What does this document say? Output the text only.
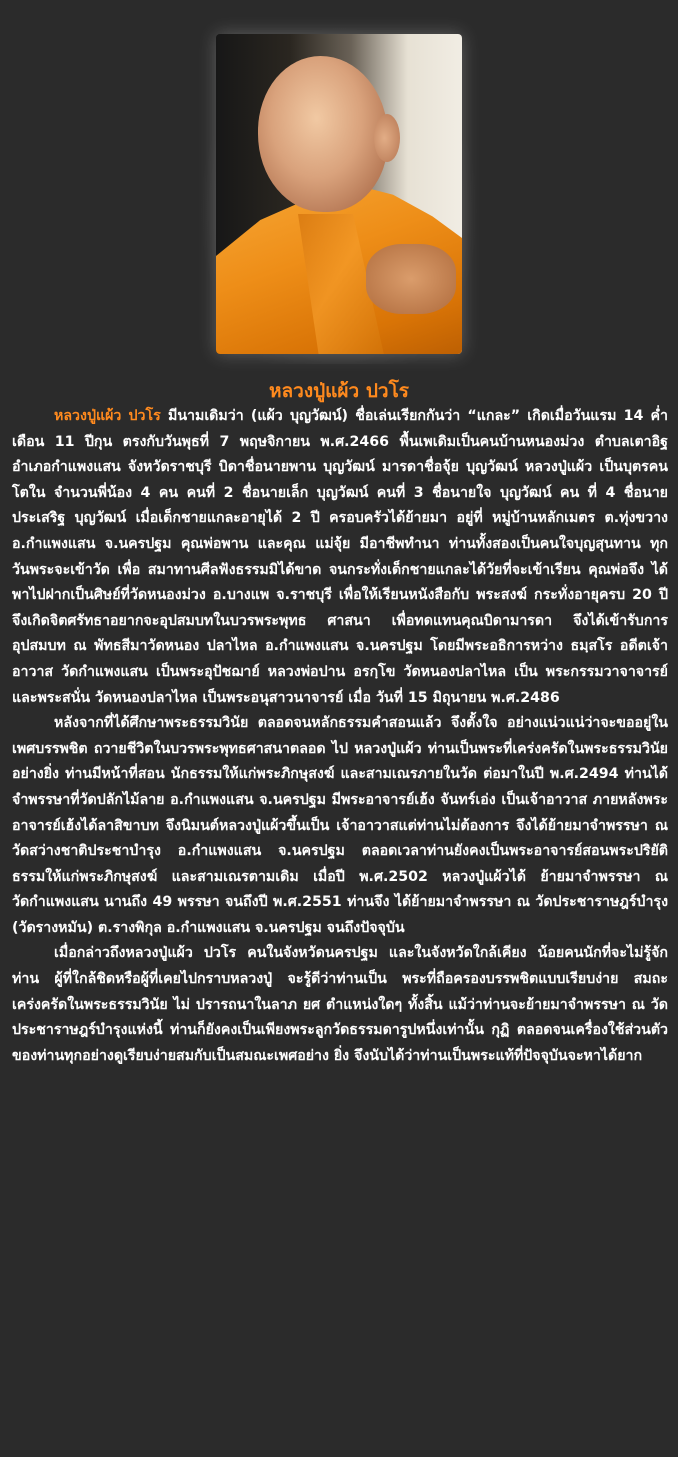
หลวงปู่แผ้ว ปวโร

หลวงปู่แผ้ว ปวโร มีนามเดิมว่า (แผ้ว บุญวัฒน์) ชื่อเล่นเรียกกันว่า “แกละ” เกิดเมื่อวันแรม 14 ค่ำ เดือน 11 ปีกุน ตรงกับวันพุธที่ 7 พฤษจิกายน พ.ศ.2466 พื้นเพเดิมเป็นคนบ้านหนองม่วง ตำบลเตาอิฐ อำเภอกำแพงแสน จังหวัดราชบุรี บิดาชื่อนายพาน บุญวัฒน์ มารดาชื่อจุ้ย บุญวัฒน์ หลวงปู่แผ้ว เป็นบุตรคนโตใน จำนวนพี่น้อง 4 คน คนที่ 2 ชื่อนายเล็ก บุญวัฒน์ คนที่ 3 ชื่อนายใจ บุญวัฒน์ คน ที่ 4 ชื่อนายประเสริฐ บุญวัฒน์ เมื่อเด็กชายแกละอายุได้ 2 ปี ครอบครัวได้ย้ายมา อยู่ที่ หมู่บ้านหลักเมตร ต.ทุ่งขวาง อ.กำแพงแสน จ.นครปฐม คุณพ่อพาน และคุณ แม่จุ้ย มีอาชีพทำนา ท่านทั้งสองเป็นคนใจบุญสุนทาน ทุกวันพระจะเข้าวัด เพื่อ สมาทานศีลฟังธรรมมิได้ขาด จนกระทั่งเด็กชายแกละได้วัยที่จะเข้าเรียน คุณพ่อจึง ได้พาไปฝากเป็นศิษย์ที่วัดหนองม่วง อ.บางแพ จ.ราชบุรี เพื่อให้เรียนหนังสือกับ พระสงฆ์ กระทั่งอายุครบ 20 ปี จึงเกิดจิตศรัทธาอยากจะอุปสมบทในบวรพระพุทธ ศาสนา เพื่อทดแทนคุณบิดามารดา จึงได้เข้ารับการอุปสมบท ณ พัทธสีมาวัดหนอง ปลาไหล อ.กำแพงแสน จ.นครปฐม โดยมีพระอธิการหว่าง ธมฺสโร อดีตเจ้าอาวาส วัดกำแพงแสน เป็นพระอุปัชฌาย์ หลวงพ่อปาน อรกฺโข วัดหนองปลาไหล เป็น พระกรรมวาจาจารย์ และพระสนั่น วัดหนองปลาไหล เป็นพระอนุสาวนาจารย์ เมื่อ วันที่ 15 มิถุนายน พ.ศ.2486

หลังจากที่ได้ศึกษาพระธรรมวินัย ตลอดจนหลักธรรมคำสอนแล้ว จึงตั้งใจ อย่างแน่วแน่ว่าจะขออยู่ในเพศบรรพชิต ถวายชีวิตในบวรพระพุทธศาสนาตลอด ไป หลวงปู่แผ้ว ท่านเป็นพระที่เคร่งครัดในพระธรรมวินัยอย่างยิ่ง ท่านมีหน้าที่สอน นักธรรมให้แก่พระภิกษุสงฆ์ และสามเณรภายในวัด ต่อมาในปี พ.ศ.2494 ท่านได้ จำพรรษาที่วัดปลักไม้ลาย อ.กำแพงแสน จ.นครปฐม มีพระอาจารย์เฮ้ง จันทร์เอ่ง เป็นเจ้าอาวาส ภายหลังพระอาจารย์เฮ้งได้ลาสิขาบท จึงนิมนต์หลวงปู่แผ้วขึ้นเป็น เจ้าอาวาสแต่ท่านไม่ต้องการ จึงได้ย้ายมาจำพรรษา ณ วัดสว่างชาติประชาบำรุง อ.กำแพงแสน จ.นครปฐม ตลอดเวลาท่านยังคงเป็นพระอาจารย์สอนพระปริยัติ ธรรมให้แก่พระภิกษุสงฆ์ และสามเณรตามเดิม เมื่อปี พ.ศ.2502 หลวงปู่แผ้วได้ ย้ายมาจำพรรษา ณ วัดกำแพงแสน นานถึง 49 พรรษา จนถึงปี พ.ศ.2551 ท่านจึง ได้ย้ายมาจำพรรษา ณ วัดประชาราษฎร์บำรุง (วัดรางหมัน) ต.รางพิกุล อ.กำแพงแสน จ.นครปฐม จนถึงปัจจุบัน

เมื่อกล่าวถึงหลวงปู่แผ้ว ปวโร คนในจังหวัดนครปฐม และในจังหวัดใกล้เคียง น้อยคนนักที่จะไม่รู้จักท่าน ผู้ที่ใกล้ชิดหรือผู้ที่เคยไปกราบหลวงปู่ จะรู้ดีว่าท่านเป็น พระที่ถือครองบรรพชิตแบบเรียบง่าย สมถะ เคร่งครัดในพระธรรมวินัย ไม่ ปรารถนาในลาภ ยศ ตำแหน่งใดๆ ทั้งสิ้น แม้ว่าท่านจะย้ายมาจำพรรษา ณ วัด ประชาราษฎร์บำรุงแห่งนี้ ท่านก็ยังคงเป็นเพียงพระลูกวัดธรรมดารูปหนึ่งเท่านั้น กุฏิ ตลอดจนเครื่องใช้ส่วนตัวของท่านทุกอย่างดูเรียบง่ายสมกับเป็นสมณะเพศอย่าง ยิ่ง จึงนับได้ว่าท่านเป็นพระแท้ที่ปัจจุบันจะหาได้ยาก
